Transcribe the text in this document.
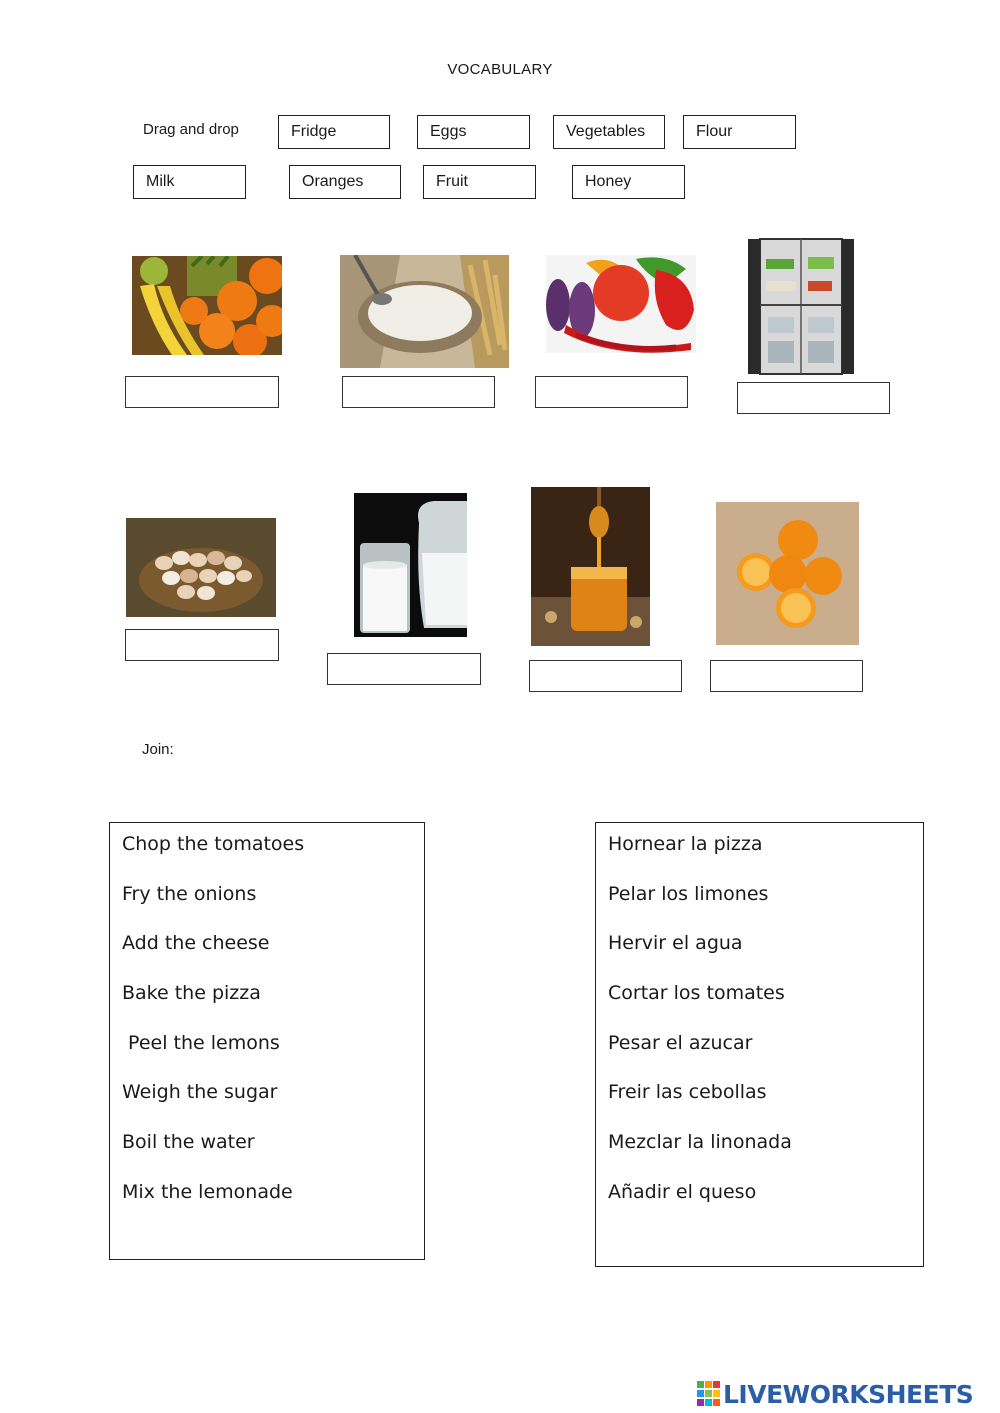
VOCABULARY
Drag and drop	Fridge	Eggs	Vegetables	Flour
Milk	Oranges	Fruit	Honey
Join:
Chop the tomatoes
Fry the onions
Add the cheese
Bake the pizza
Peel the lemons
Weigh the sugar
Boil the water
Mix the lemonade
Hornear la pizza
Pelar los limones
Hervir el agua
Cortar los tomates
Pesar el azucar
Freir las cebollas
Mezclar la linonada
Añadir el queso
LIVEWORKSHEETS
